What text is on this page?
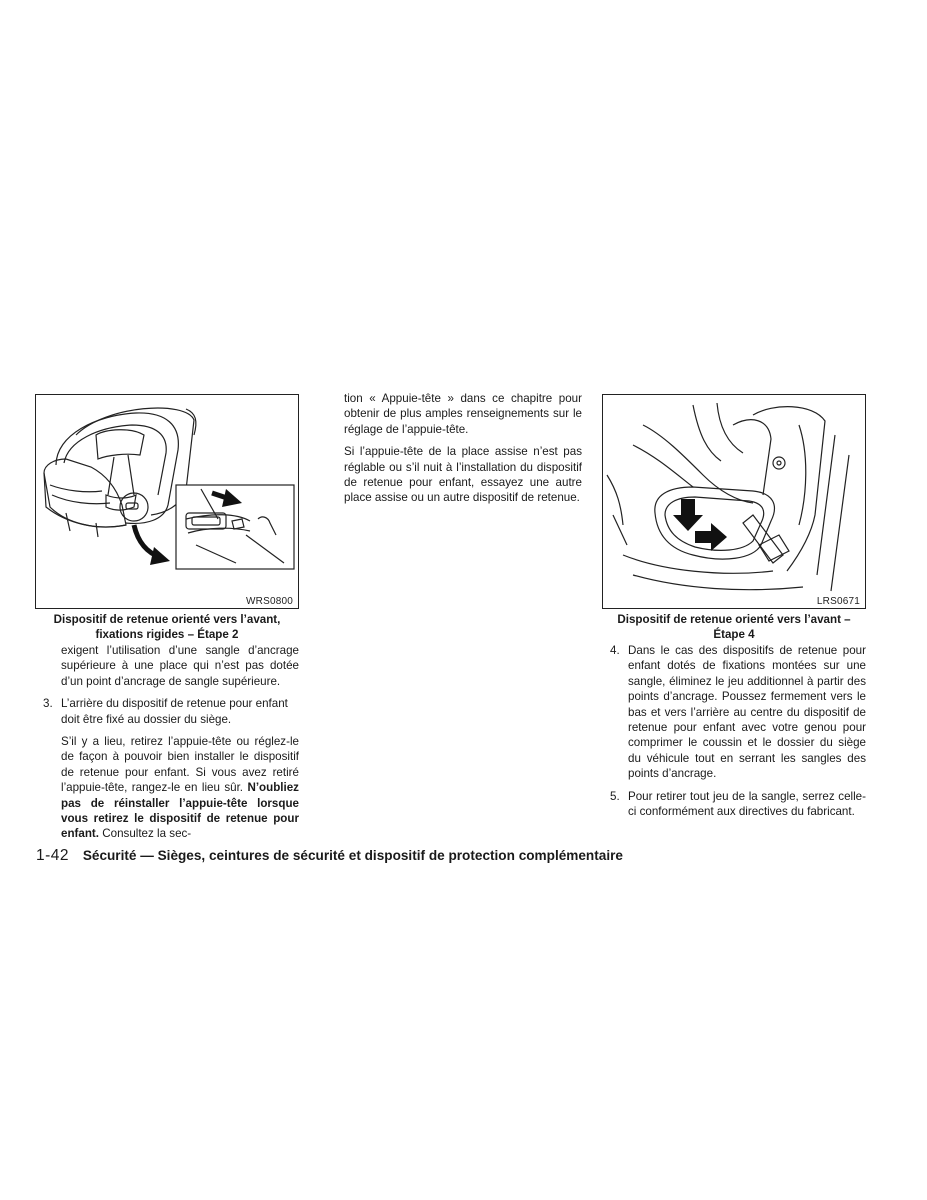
WRS0800
Dispositif de retenue orienté vers l’avant,
fixations rigides – Étape 2

exigent l’utilisation d’une sangle d’ancrage supérieure à une place qui n’est pas dotée d’un point d’ancrage de sangle supérieure.

3. L’arrière du dispositif de retenue pour enfant doit être fixé au dossier du siège.

S’il y a lieu, retirez l’appuie-tête ou réglez-le de façon à pouvoir bien installer le dispositif de retenue pour enfant. Si vous avez retiré l’appuie-tête, rangez-le en lieu sûr. N’oubliez pas de réinstaller l’appuie-tête lorsque vous retirez le dispositif de retenue pour enfant. Consultez la sec-

tion « Appuie-tête » dans ce chapitre pour obtenir de plus amples renseignements sur le réglage de l’appuie-tête.

Si l’appuie-tête de la place assise n’est pas réglable ou s’il nuit à l’installation du dispositif de retenue pour enfant, essayez une autre place assise ou un autre dispositif de retenue.

LRS0671
Dispositif de retenue orienté vers l’avant –
Étape 4

4. Dans le cas des dispositifs de retenue pour enfant dotés de fixations montées sur une sangle, éliminez le jeu additionnel à partir des points d’ancrage. Poussez fermement vers le bas et vers l’arrière au centre du dispositif de retenue pour enfant avec votre genou pour comprimer le coussin et le dossier du siège du véhicule tout en serrant les sangles des points d’ancrage.

5. Pour retirer tout jeu de la sangle, serrez celle-ci conformément aux directives du fabricant.

1-42 Sécurité — Sièges, ceintures de sécurité et dispositif de protection complémentaire
